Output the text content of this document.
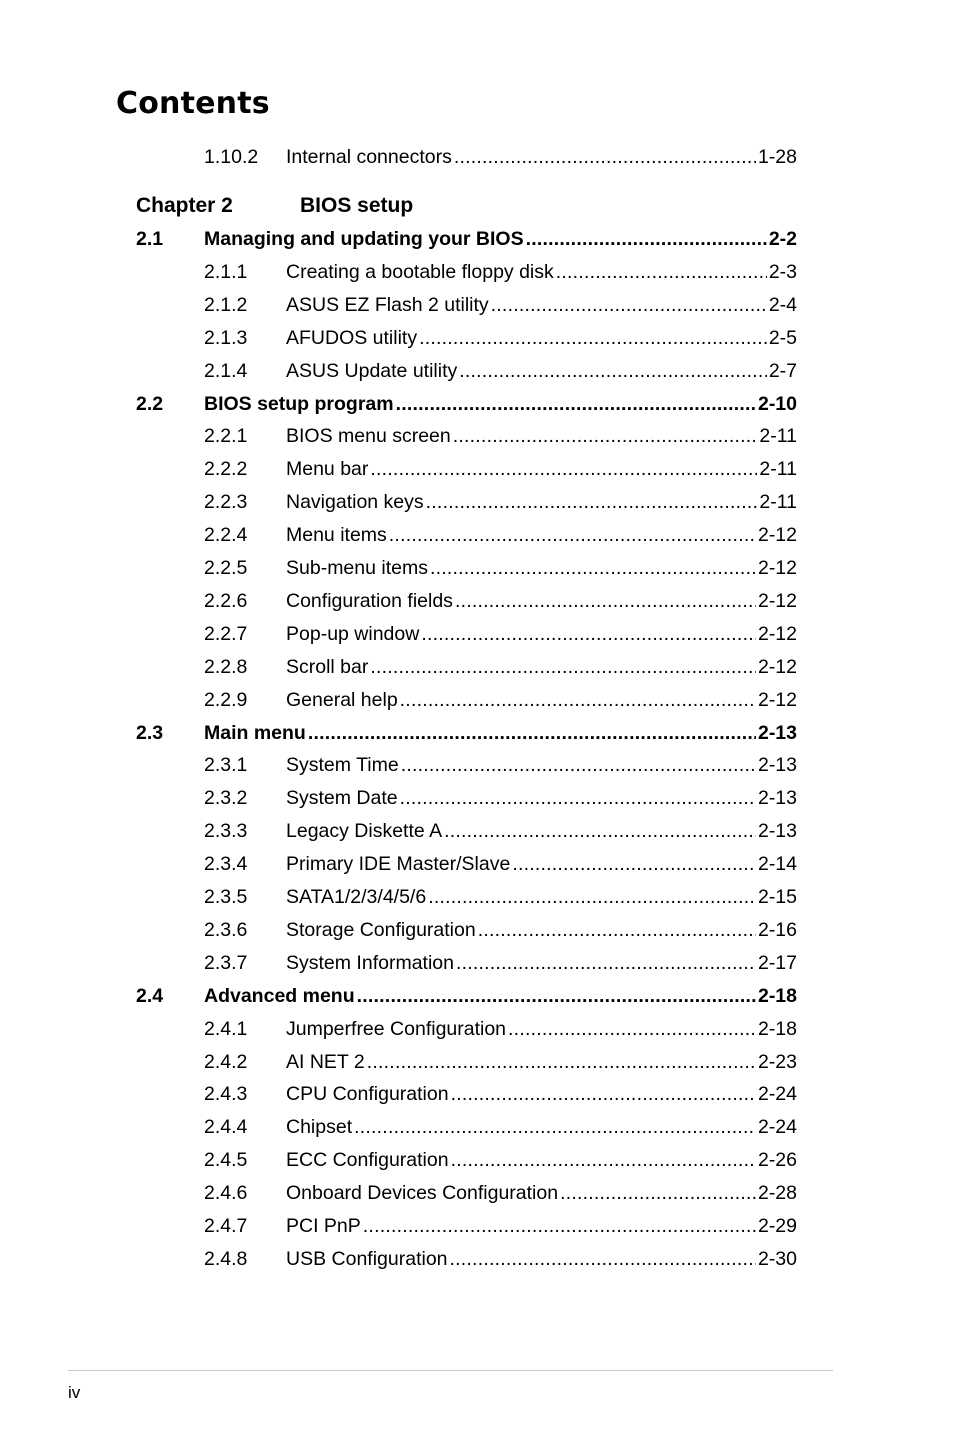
Contents
1.10.2 Internal connectors . . .	1-28
Chapter 2	BIOS setup
2.1 Managing and updating your BIOS . . .	2-2
2.1.1 Creating a bootable floppy disk . . .	2-3
2.1.2 ASUS EZ Flash 2 utility . . .	2-4
2.1.3 AFUDOS utility . . .	2-5
2.1.4 ASUS Update utility . . .	2-7
2.2 BIOS setup program . . .	2-10
2.2.1 BIOS menu screen . . .	2-11
2.2.2 Menu bar . . .	2-11
2.2.3 Navigation keys . . .	2-11
2.2.4 Menu items . . .	2-12
2.2.5 Sub-menu items . . .	2-12
2.2.6 Configuration fields . . .	2-12
2.2.7 Pop-up window . . .	2-12
2.2.8 Scroll bar . . .	2-12
2.2.9 General help . . .	2-12
2.3 Main menu . . .	2-13
2.3.1 System Time . . .	2-13
2.3.2 System Date . . .	2-13
2.3.3 Legacy Diskette A . . .	2-13
2.3.4 Primary IDE Master/Slave . . .	2-14
2.3.5 SATA1/2/3/4/5/6 . . .	2-15
2.3.6 Storage Configuration . . .	2-16
2.3.7 System Information . . .	2-17
2.4 Advanced menu . . .	2-18
2.4.1 Jumperfree Configuration . . .	2-18
2.4.2 AI NET 2 . . .	2-23
2.4.3 CPU Configuration . . .	2-24
2.4.4 Chipset . . .	2-24
2.4.5 ECC Configuration . . .	2-26
2.4.6 Onboard Devices Configuration . . .	2-28
2.4.7 PCI PnP . . .	2-29
2.4.8 USB Configuration . . .	2-30
iv
